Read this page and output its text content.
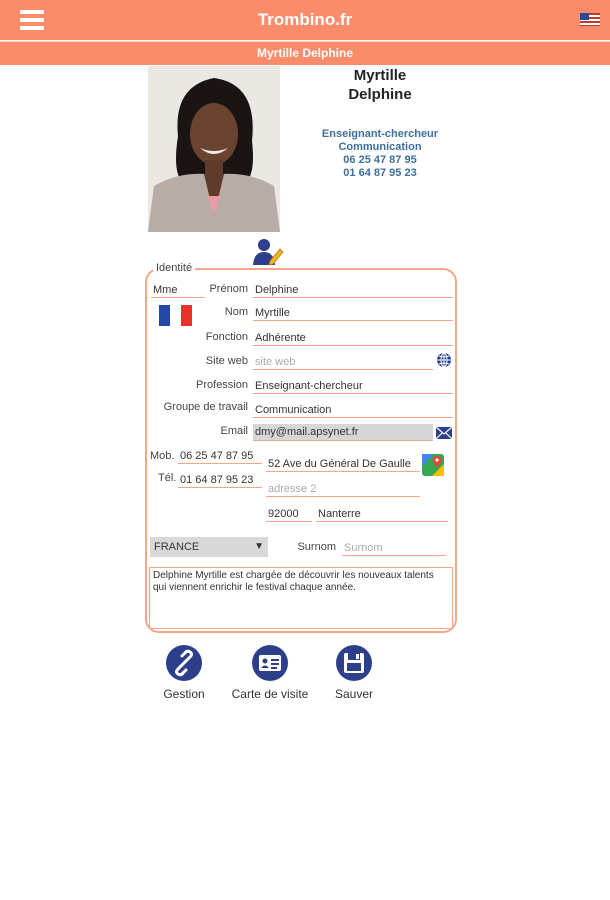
Trombino.fr
Myrtille Delphine
Myrtille
Delphine
Enseignant-chercheur
Communication
06 25 47 87 95
01 64 87 95 23
Identité
Mme	Prénom Delphine
Nom Myrtille
Fonction Adhérente
Site web site web
Profession Enseignant-chercheur
Groupe de travail Communication
Email dmy@mail.apsynet.fr
Mob. 06 25 47 87 95
Tél. 01 64 87 95 23
52 Ave du Général De Gaulle
adresse 2
92000	Nanterre
FRANCE	▼	Surnom Surnom
Delphine Myrtille est chargée de découvrir les nouveaux talents qui viennent enrichir le festival chaque année.
Gestion	Carte de visite	Sauver
